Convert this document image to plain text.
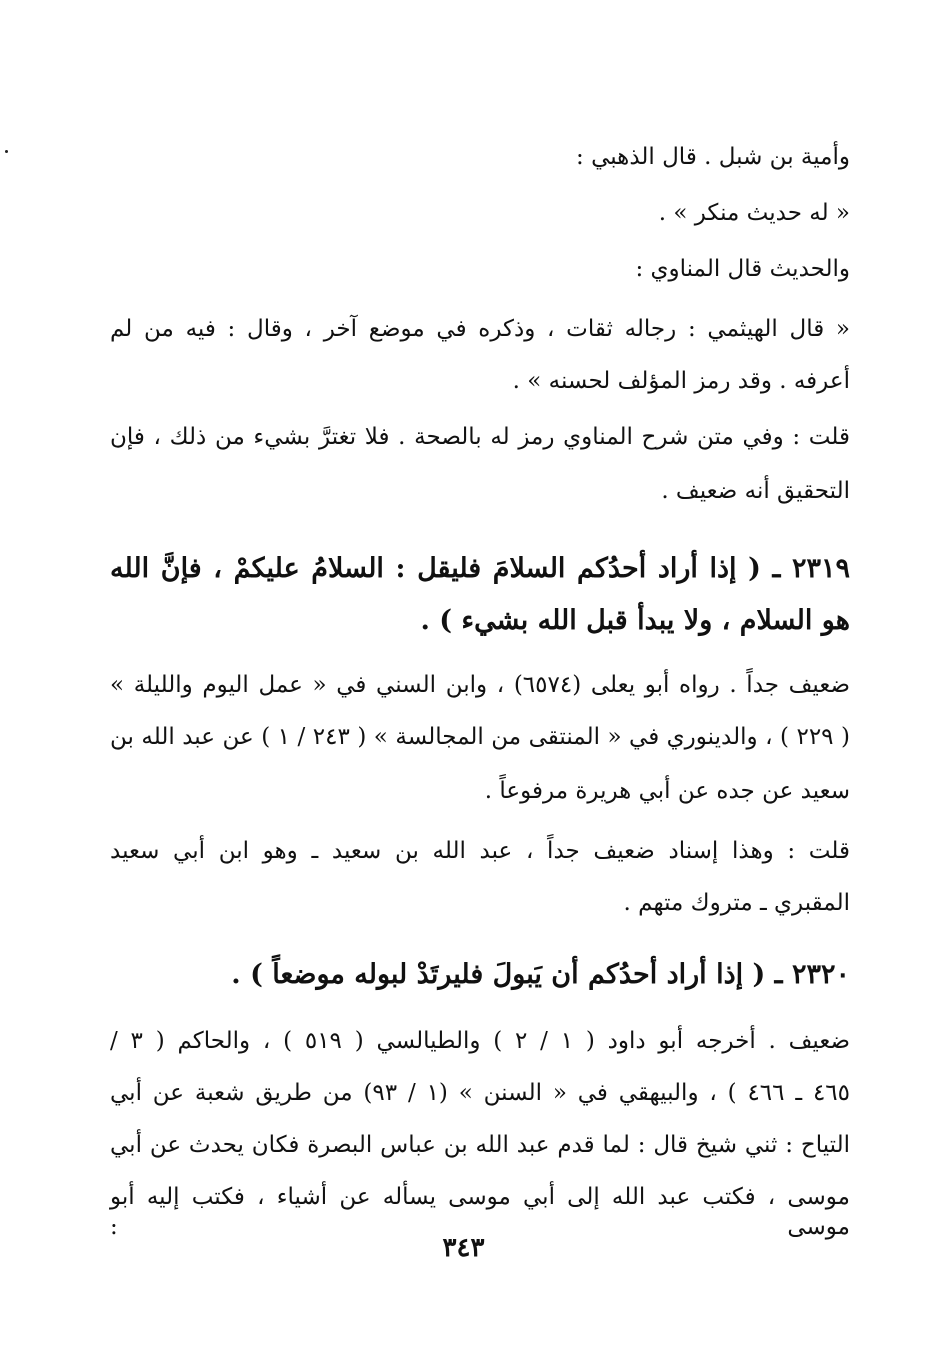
وأمية بن شبل . قال الذهبي :
« له حديث منكر » .
والحديث قال المناوي :
« قال الهيثمي : رجاله ثقات ، وذكره في موضع آخر ، وقال : فيه من لم
أعرفه . وقد رمز المؤلف لحسنه » .
قلت : وفي متن شرح المناوي رمز له بالصحة . فلا تغترَّ بشيء من ذلك ، فإن
التحقيق أنه ضعيف .
٢٣١٩ ـ ( إذا أراد أحدُكم السلامَ فليقل : السلامُ عليكمْ ، فإنَّ الله
هو السلام ، ولا يبدأ قبل الله بشيء ) .
ضعيف جداً . رواه أبو يعلى (٦٥٧٤) ، وابن السني في « عمل اليوم والليلة »
( ٢٢٩ ) ، والدينوري في « المنتقى من المجالسة » ( ٢٤٣ / ١ ) عن عبد الله بن
سعيد عن جده عن أبي هريرة مرفوعاً .
قلت : وهذا إسناد ضعيف جداً ، عبد الله بن سعيد ـ وهو ابن أبي سعيد
المقبري ـ متروك متهم .
٢٣٢٠ ـ ( إذا أراد أحدُكم أن يَبولَ فليرتَدْ لبوله موضعاً ) .
ضعيف . أخرجه أبو داود ( ١ / ٢ ) والطيالسي ( ٥١٩ ) ، والحاكم ( ٣ /
٤٦٥ ـ ٤٦٦ ) ، والبيهقي في « السنن » (١ / ٩٣) من طريق شعبة عن أبي
التياح : ثني شيخ قال : لما قدم عبد الله بن عباس البصرة فكان يحدث عن أبي
موسى ، فكتب عبد الله إلى أبي موسى يسأله عن أشياء ، فكتب إليه أبو موسى :
٣٤٣
